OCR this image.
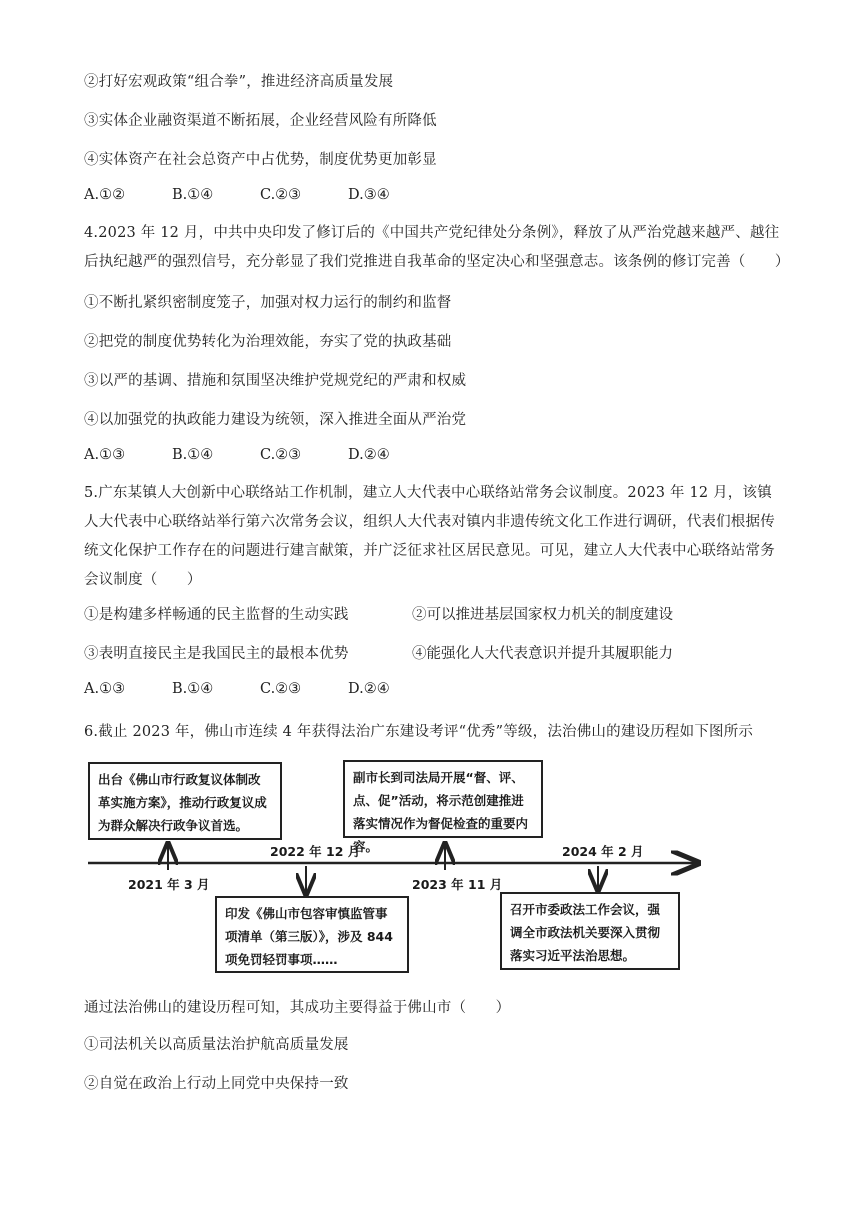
②打好宏观政策“组合拳”，推进经济高质量发展
③实体企业融资渠道不断拓展，企业经营风险有所降低
④实体资产在社会总资产中占优势，制度优势更加彰显
A.①②	B.①④	C.②③	D.③④
4.2023 年 12 月，中共中央印发了修订后的《中国共产党纪律处分条例》，释放了从严治党越来越严、越往后执纪越严的强烈信号，充分彰显了我们党推进自我革命的坚定决心和坚强意志。该条例的修订完善（　　）
①不断扎紧织密制度笼子，加强对权力运行的制约和监督
②把党的制度优势转化为治理效能，夯实了党的执政基础
③以严的基调、措施和氛围坚决维护党规党纪的严肃和权威
④以加强党的执政能力建设为统领，深入推进全面从严治党
A.①③	B.①④	C.②③	D.②④
5.广东某镇人大创新中心联络站工作机制，建立人大代表中心联络站常务会议制度。2023 年 12 月，该镇人大代表中心联络站举行第六次常务会议，组织人大代表对镇内非遗传统文化工作进行调研，代表们根据传统文化保护工作存在的问题进行建言献策，并广泛征求社区居民意见。可见，建立人大代表中心联络站常务会议制度（　　）
①是构建多样畅通的民主监督的生动实践	②可以推进基层国家权力机关的制度建设
③表明直接民主是我国民主的最根本优势	④能强化人大代表意识并提升其履职能力
A.①③	B.①④	C.②③	D.②④
6.截止 2023 年，佛山市连续 4 年获得法治广东建设考评“优秀”等级，法治佛山的建设历程如下图所示
出台《佛山市行政复议体制改革实施方案》，推动行政复议成为群众解决行政争议首选。
2021 年 3 月
印发《佛山市包容审慎监管事项清单（第三版）》，涉及 844 项免罚轻罚事项……
2022 年 12 月
副市长到司法局开展“督、评、点、促”活动，将示范创建推进落实情况作为督促检查的重要内容。
2023 年 11 月
召开市委政法工作会议，强调全市政法机关要深入贯彻落实习近平法治思想。
2024 年 2 月
通过法治佛山的建设历程可知，其成功主要得益于佛山市（　　）
①司法机关以高质量法治护航高质量发展
②自觉在政治上行动上同党中央保持一致
